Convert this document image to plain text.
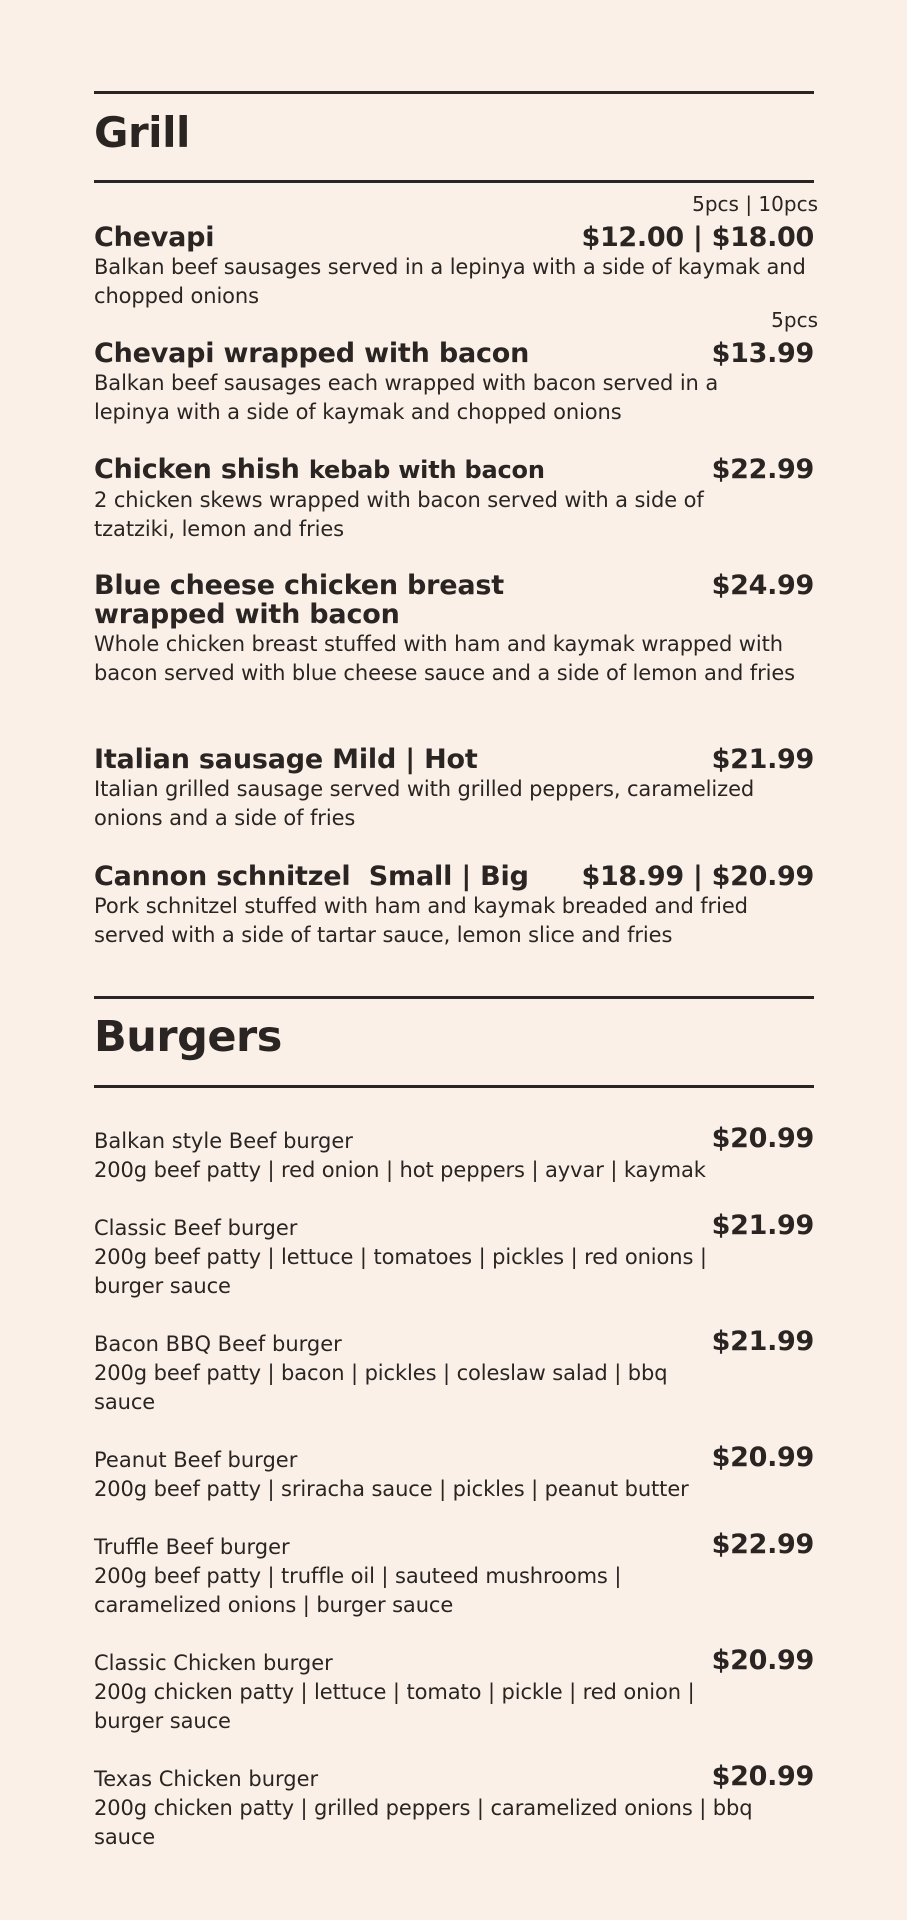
Grill
5pcs | 10pcs
Chevapi	$12.00 | $18.00
Balkan beef sausages served in a lepinya with a side of kaymak and chopped onions
5pcs
Chevapi wrapped with bacon	$13.99
Balkan beef sausages each wrapped with bacon served in a lepinya with a side of kaymak and chopped onions
Chicken shish kebab with bacon	$22.99
2 chicken skews wrapped with bacon served with a side of tzatziki, lemon and fries
Blue cheese chicken breast wrapped with bacon
$24.99
Whole chicken breast stuffed with ham and kaymak wrapped with bacon served with blue cheese sauce and a side of lemon and fries
Italian sausage Mild | Hot	$21.99
Italian grilled sausage served with grilled peppers, caramelized onions and a side of fries
Cannon schnitzel  Small | Big	$18.99 | $20.99
Pork schnitzel stuffed with ham and kaymak breaded and fried served with a side of tartar sauce, lemon slice and fries
Burgers
Balkan style Beef burger	$20.99
200g beef patty | red onion | hot peppers | ayvar | kaymak
Classic Beef burger	$21.99
200g beef patty | lettuce | tomatoes | pickles | red onions | burger sauce
Bacon BBQ Beef burger	$21.99
200g beef patty | bacon | pickles | coleslaw salad | bbq sauce
Peanut Beef burger	$20.99
200g beef patty | sriracha sauce | pickles | peanut butter
Truffle Beef burger	$22.99
200g beef patty | truffle oil | sauteed mushrooms | caramelized onions | burger sauce
Classic Chicken burger	$20.99
200g chicken patty | lettuce | tomato | pickle | red onion | burger sauce
Texas Chicken burger	$20.99
200g chicken patty | grilled peppers | caramelized onions | bbq sauce
